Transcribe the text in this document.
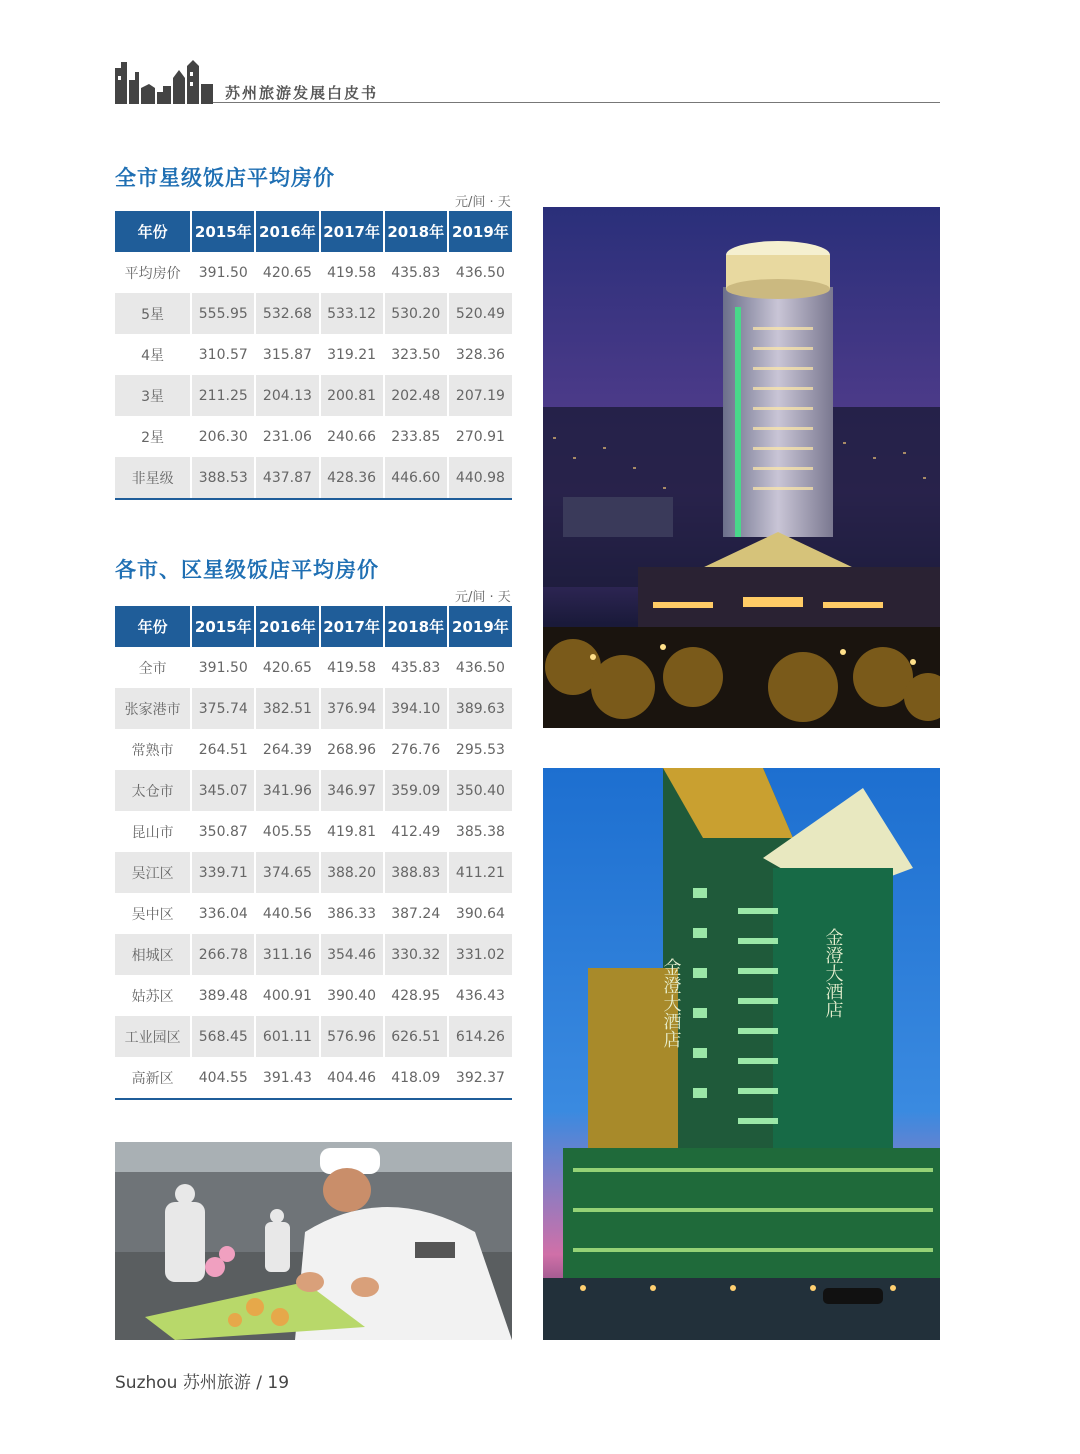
苏州旅游发展白皮书
全市星级饭店平均房价
元/间 · 天
年份	2015年	2016年	2017年	2018年	2019年
平均房价	391.50	420.65	419.58	435.83	436.50
5星	555.95	532.68	533.12	530.20	520.49
4星	310.57	315.87	319.21	323.50	328.36
3星	211.25	204.13	200.81	202.48	207.19
2星	206.30	231.06	240.66	233.85	270.91
非星级	388.53	437.87	428.36	446.60	440.98
各市、区星级饭店平均房价
元/间 · 天
年份	2015年	2016年	2017年	2018年	2019年
全市	391.50	420.65	419.58	435.83	436.50
张家港市	375.74	382.51	376.94	394.10	389.63
常熟市	264.51	264.39	268.96	276.76	295.53
太仓市	345.07	341.96	346.97	359.09	350.40
昆山市	350.87	405.55	419.81	412.49	385.38
吴江区	339.71	374.65	388.20	388.83	411.21
吴中区	336.04	440.56	386.33	387.24	390.64
相城区	266.78	311.16	354.46	330.32	331.02
姑苏区	389.48	400.91	390.40	428.95	436.43
工业园区	568.45	601.11	576.96	626.51	614.26
高新区	404.55	391.43	404.46	418.09	392.37
金澄大酒店	金澄大酒店
Suzhou 苏州旅游 / 19
